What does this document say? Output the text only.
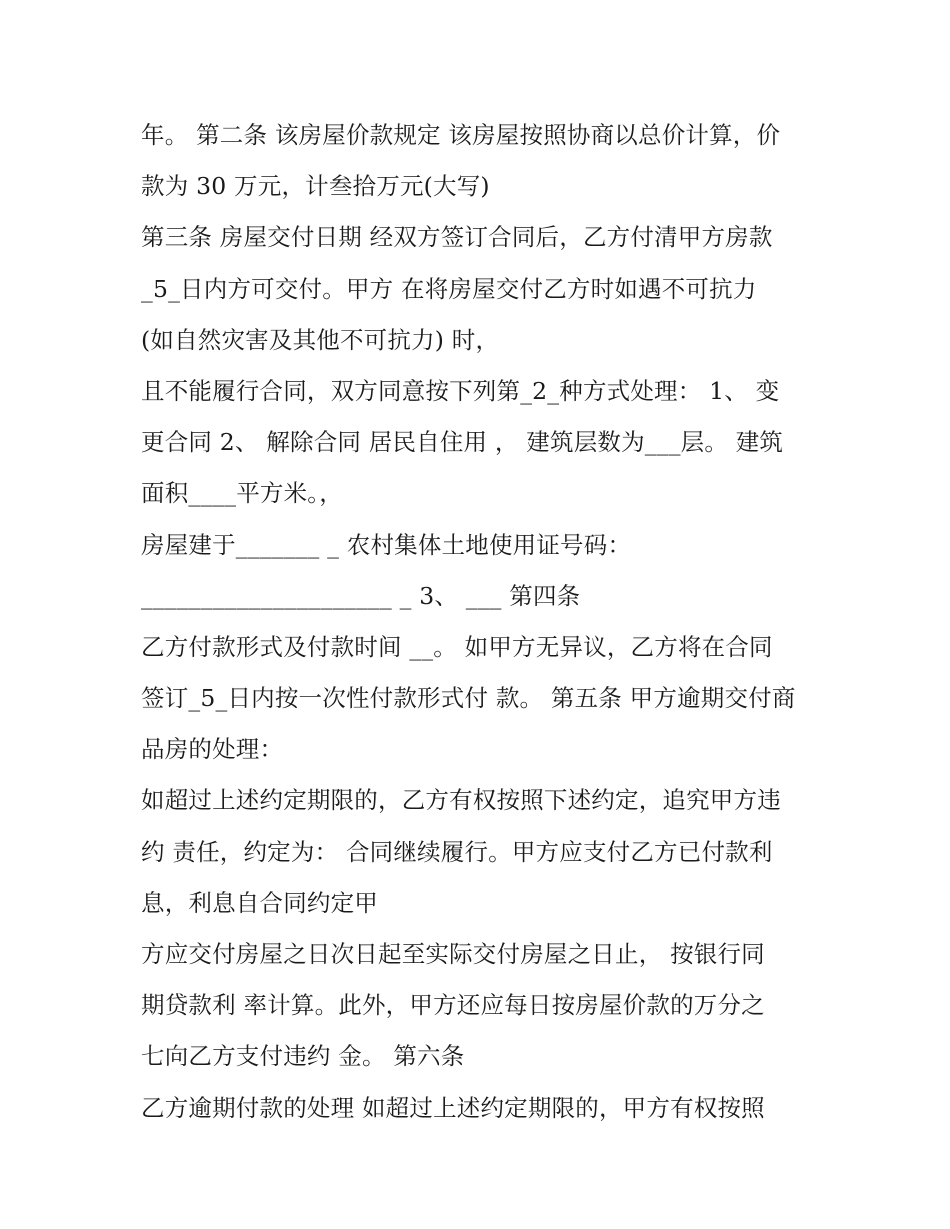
年。 第二条 该房屋价款规定 该房屋按照协商以总价计算，价
款为 30 万元，计叁拾万元(大写)
第三条 房屋交付日期 经双方签订合同后，乙方付清甲方房款
_5_日内方可交付。甲方 在将房屋交付乙方时如遇不可抗力
(如自然灾害及其他不可抗力) 时，
且不能履行合同，双方同意按下列第_2_种方式处理： 1、 变
更合同 2、 解除合同 居民自住用 ， 建筑层数为___层。 建筑
面积____平方米。，
房屋建于_______ _ 农村集体土地使用证号码：
_____________________ _ 3、 ___ 第四条
乙方付款形式及付款时间 __。 如甲方无异议，乙方将在合同
签订_5_日内按一次性付款形式付 款。 第五条 甲方逾期交付商
品房的处理：
如超过上述约定期限的，乙方有权按照下述约定，追究甲方违
约 责任，约定为： 合同继续履行。甲方应支付乙方已付款利
息，利息自合同约定甲
方应交付房屋之日次日起至实际交付房屋之日止， 按银行同
期贷款利 率计算。此外，甲方还应每日按房屋价款的万分之
七向乙方支付违约 金。 第六条
乙方逾期付款的处理 如超过上述约定期限的，甲方有权按照
